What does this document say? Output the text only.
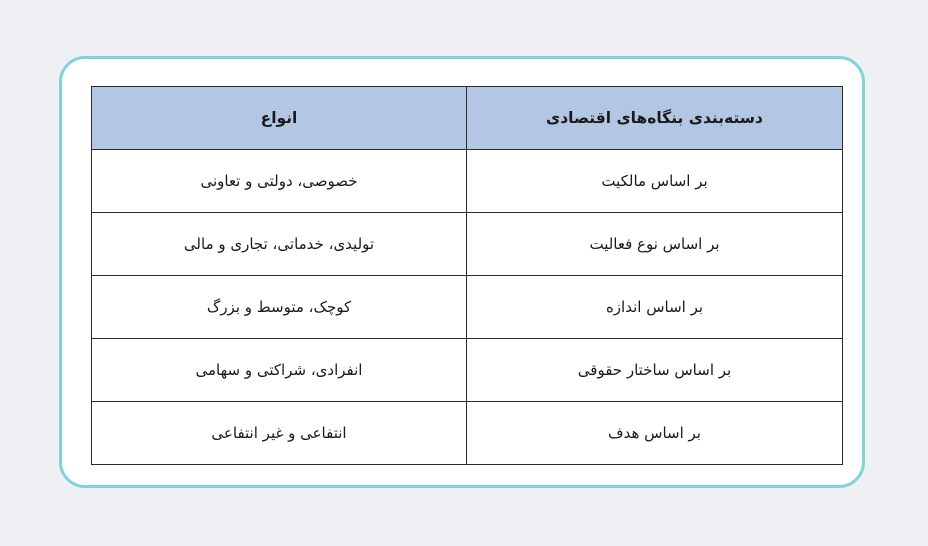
دسته‌بندی بنگاه‌های اقتصادی	انواع
بر اساس مالکیت	خصوصی، دولتی و تعاونی
بر اساس نوع فعالیت	تولیدی، خدماتی، تجاری و مالی
بر اساس اندازه	کوچک، متوسط و بزرگ
بر اساس ساختار حقوقی	انفرادی، شراکتی و سهامی
بر اساس هدف	انتفاعی و غیر انتفاعی
